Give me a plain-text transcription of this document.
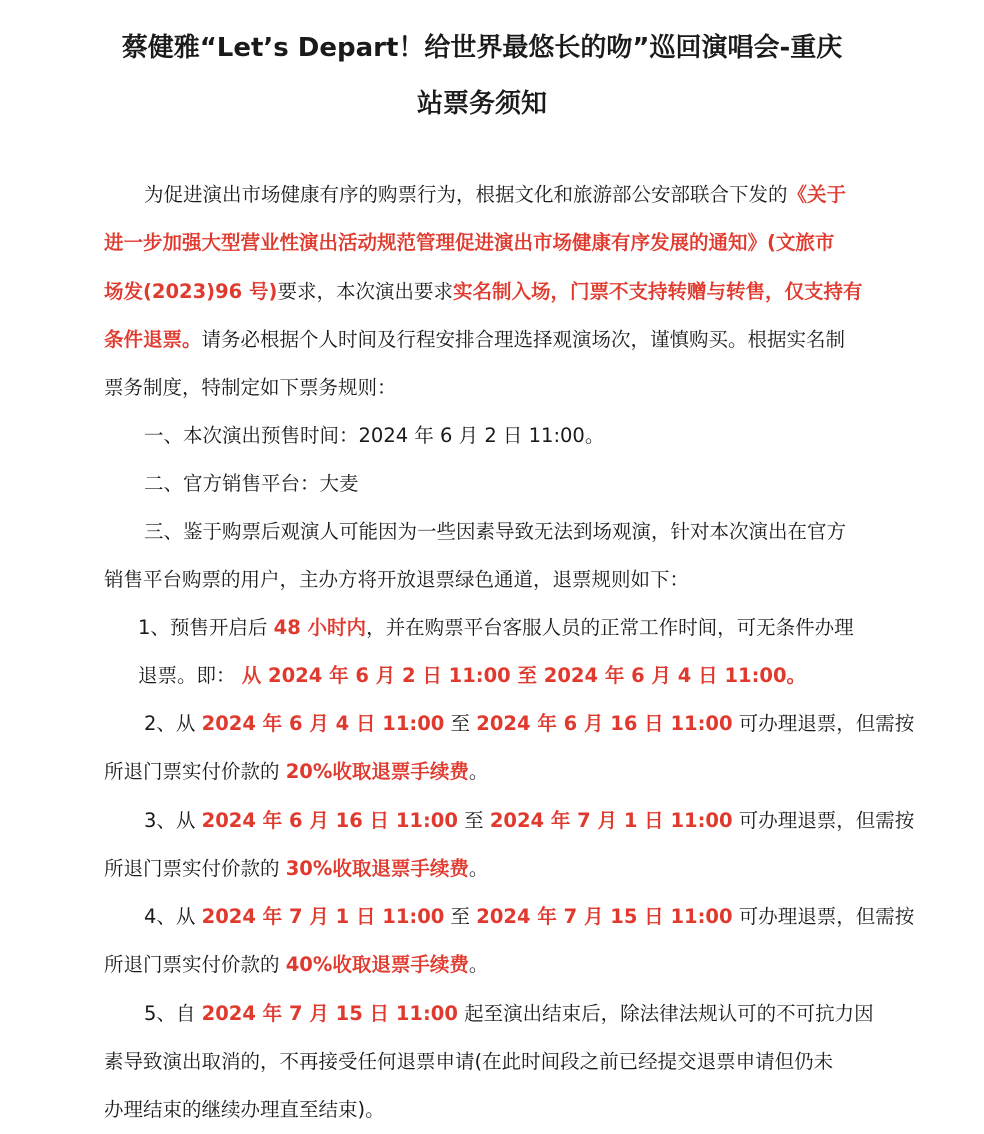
蔡健雅“Let’s Depart！给世界最悠长的吻”巡回演唱会-重庆
站票务须知
为促进演出市场健康有序的购票行为，根据文化和旅游部公安部联合下发的《关于
进一步加强大型营业性演出活动规范管理促进演出市场健康有序发展的通知》(文旅市
场发(2023)96 号)要求，本次演出要求实名制入场，门票不支持转赠与转售，仅支持有
条件退票。请务必根据个人时间及行程安排合理选择观演场次，谨慎购买。根据实名制
票务制度，特制定如下票务规则：
一、本次演出预售时间：2024 年 6 月 2 日 11:00。
二、官方销售平台：大麦
三、鉴于购票后观演人可能因为一些因素导致无法到场观演，针对本次演出在官方
销售平台购票的用户，主办方将开放退票绿色通道，退票规则如下：
1、预售开启后 48 小时内，并在购票平台客服人员的正常工作时间，可无条件办理
退票。即： 从 2024 年 6 月 2 日 11:00 至 2024 年 6 月 4 日 11:00。
2、从 2024 年 6 月 4 日 11:00 至 2024 年 6 月 16 日 11:00 可办理退票，但需按
所退门票实付价款的 20%收取退票手续费。
3、从 2024 年 6 月 16 日 11:00 至 2024 年 7 月 1 日 11:00 可办理退票，但需按
所退门票实付价款的 30%收取退票手续费。
4、从 2024 年 7 月 1 日 11:00 至 2024 年 7 月 15 日 11:00 可办理退票，但需按
所退门票实付价款的 40%收取退票手续费。
5、自 2024 年 7 月 15 日 11:00 起至演出结束后，除法律法规认可的不可抗力因
素导致演出取消的，不再接受任何退票申请(在此时间段之前已经提交退票申请但仍未
办理结束的继续办理直至结束)。
